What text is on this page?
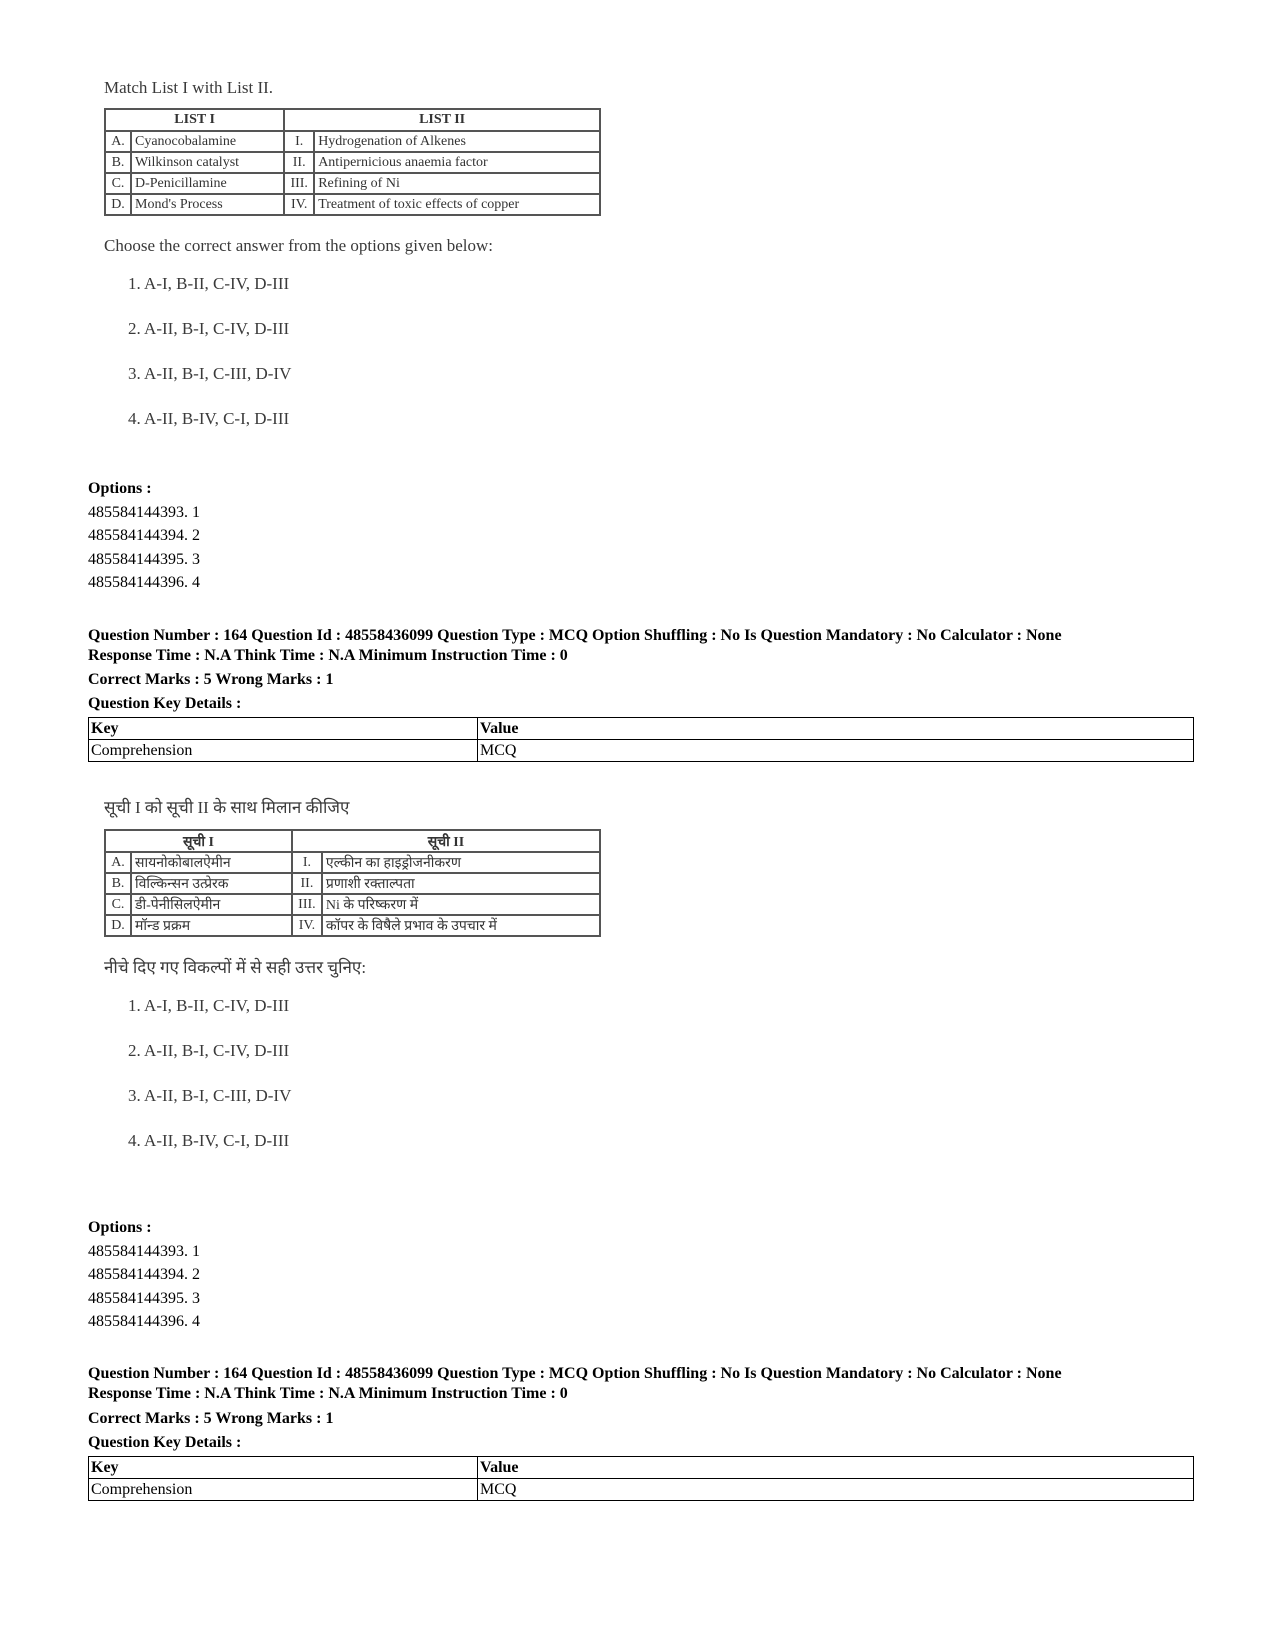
Match List I with List II.

LIST I		LIST II	
A.	Cyanocobalamine	I.	Hydrogenation of Alkenes
B.	Wilkinson catalyst	II.	Antipernicious anaemia factor
C.	D-Penicillamine	III.	Refining of Ni
D.	Mond's Process	IV.	Treatment of toxic effects of copper

Choose the correct answer from the options given below:

1. A-I, B-II, C-IV, D-III
2. A-II, B-I, C-IV, D-III
3. A-II, B-I, C-III, D-IV
4. A-II, B-IV, C-I, D-III
Options :
485584144393. 1
485584144394. 2
485584144395. 3
485584144396. 4
Question Number : 164 Question Id : 48558436099 Question Type : MCQ Option Shuffling : No Is Question Mandatory : No Calculator : None
Response Time : N.A Think Time : N.A Minimum Instruction Time : 0
Correct Marks : 5 Wrong Marks : 1
Question Key Details :
Key	Value
Comprehension	MCQ

सूची I को सूची II के साथ मिलान कीजिए

सूची I		सूची II	
A.	सायनोकोबालऐमीन	I.	एल्कीन का हाइड्रोजनीकरण
B.	विल्किन्सन उत्प्रेरक	II.	प्रणाशी रक्ताल्पता
C.	डी-पेनीसिलऐमीन	III.	Ni के परिष्करण में
D.	मॉन्ड प्रक्रम	IV.	कॉपर के विषैले प्रभाव के उपचार में

नीचे दिए गए विकल्पों में से सही उत्तर चुनिए:

1. A-I, B-II, C-IV, D-III
2. A-II, B-I, C-IV, D-III
3. A-II, B-I, C-III, D-IV
4. A-II, B-IV, C-I, D-III
Options :
485584144393. 1
485584144394. 2
485584144395. 3
485584144396. 4
Question Number : 164 Question Id : 48558436099 Question Type : MCQ Option Shuffling : No Is Question Mandatory : No Calculator : None
Response Time : N.A Think Time : N.A Minimum Instruction Time : 0
Correct Marks : 5 Wrong Marks : 1
Question Key Details :
Key	Value
Comprehension	MCQ
